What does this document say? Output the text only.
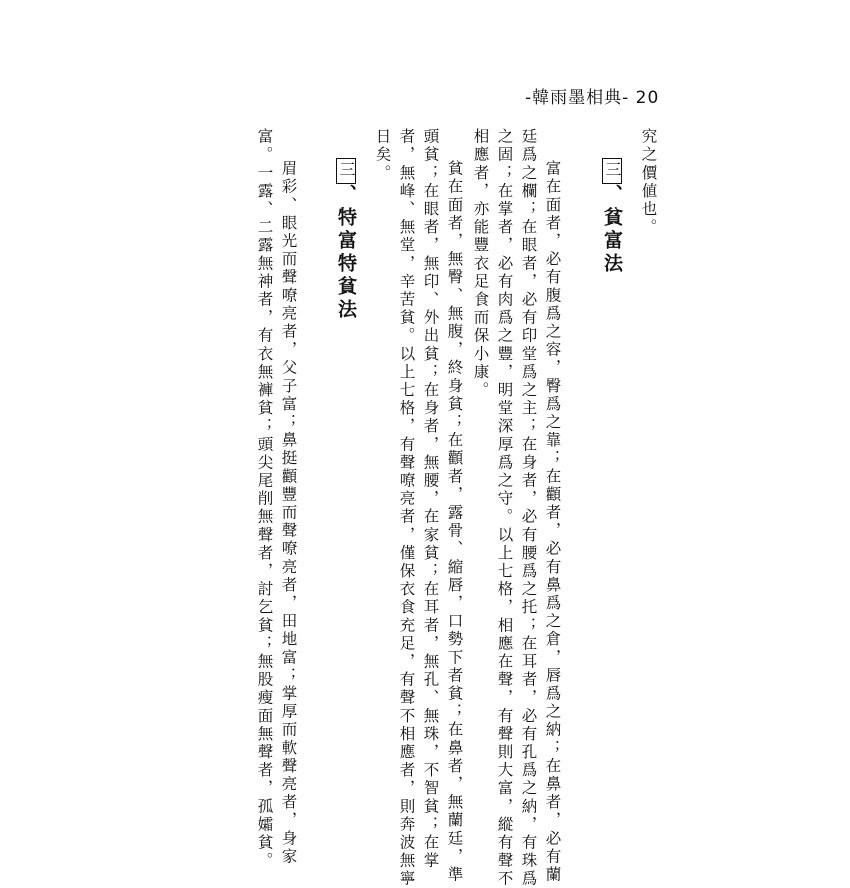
-韓雨墨相典- 20
究之價値也。
三、貧富法
富在面者，必有腹爲之容，臀爲之靠；在顴者，必有鼻爲之倉，唇爲之納；在鼻者，必有蘭
廷爲之欄；在眼者，必有印堂爲之主；在身者，必有腰爲之托；在耳者，必有孔爲之納，有珠爲
之固；在掌者，必有肉爲之豐，明堂深厚爲之守。以上七格，相應在聲，有聲則大富，縱有聲不
相應者，亦能豐衣足食而保小康。
貧在面者，無臀、無腹，終身貧；在顴者，露骨、縮唇，口勢下者貧；在鼻者，無蘭廷，準
頭貧；在眼者，無印、外出貧；在身者，無腰，在家貧；在耳者，無孔、無珠，不智貧；在掌
者，無峰、無堂，辛苦貧。以上七格，有聲嘹亮者，僅保衣食充足，有聲不相應者，則奔波無寧
日矣。
三、特富特貧法
眉彩、眼光而聲嘹亮者，父子富；鼻挺顴豐而聲嘹亮者，田地富；掌厚而軟聲亮者，身家
富。一露、二露無神者，有衣無褲貧；頭尖尾削無聲者，討乞貧；無股瘦面無聲者，孤孀貧。
